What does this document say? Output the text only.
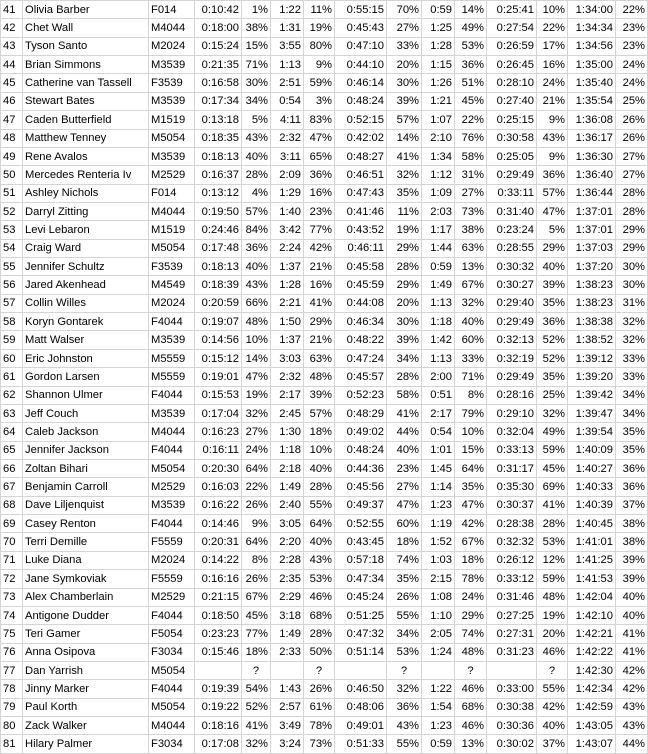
41	Olivia Barber	F014	0:10:42	1%	1:22	11%	0:55:15	70%	0:59	14%	0:25:41	10%	1:34:00	22%
42	Chet Wall	M4044	0:18:00	38%	1:31	19%	0:45:43	27%	1:25	49%	0:27:54	22%	1:34:34	23%
43	Tyson Santo	M2024	0:15:24	15%	3:55	80%	0:47:10	33%	1:28	53%	0:26:59	17%	1:34:56	23%
44	Brian Simmons	M3539	0:21:35	71%	1:13	9%	0:44:10	20%	1:15	36%	0:26:45	16%	1:35:00	24%
45	Catherine van Tassell	F3539	0:16:58	30%	2:51	59%	0:46:14	30%	1:26	51%	0:28:10	24%	1:35:40	24%
46	Stewart Bates	M3539	0:17:34	34%	0:54	3%	0:48:24	39%	1:21	45%	0:27:40	21%	1:35:54	25%
47	Caden Butterfield	M1519	0:13:18	5%	4:11	83%	0:52:15	57%	1:07	22%	0:25:15	9%	1:36:08	26%
48	Matthew Tenney	M5054	0:18:35	43%	2:32	47%	0:42:02	14%	2:10	76%	0:30:58	43%	1:36:17	26%
49	Rene Avalos	M3539	0:18:13	40%	3:11	65%	0:48:27	41%	1:34	58%	0:25:05	9%	1:36:30	27%
50	Mercedes Renteria Iv	M2529	0:16:37	28%	2:09	36%	0:46:51	32%	1:12	31%	0:29:49	36%	1:36:40	27%
51	Ashley Nichols	F014	0:13:12	4%	1:29	16%	0:47:43	35%	1:09	27%	0:33:11	57%	1:36:44	28%
52	Darryl Zitting	M4044	0:19:50	57%	1:40	23%	0:41:46	11%	2:03	73%	0:31:40	47%	1:37:01	28%
53	Levi Lebaron	M1519	0:24:46	84%	3:42	77%	0:43:52	19%	1:17	38%	0:23:24	5%	1:37:01	29%
54	Craig Ward	M5054	0:17:48	36%	2:24	42%	0:46:11	29%	1:44	63%	0:28:55	29%	1:37:03	29%
55	Jennifer Schultz	F3539	0:18:13	40%	1:37	21%	0:45:58	28%	0:59	13%	0:30:32	40%	1:37:20	30%
56	Jared Akenhead	M4549	0:18:39	43%	1:28	16%	0:45:59	29%	1:49	67%	0:30:27	39%	1:38:23	30%
57	Collin Willes	M2024	0:20:59	66%	2:21	41%	0:44:08	20%	1:13	32%	0:29:40	35%	1:38:23	31%
58	Koryn Gontarek	F4044	0:19:07	48%	1:50	29%	0:46:34	30%	1:18	40%	0:29:49	36%	1:38:38	32%
59	Matt Walser	M3539	0:14:56	10%	1:37	21%	0:48:22	39%	1:42	60%	0:32:13	52%	1:38:52	32%
60	Eric Johnston	M5559	0:15:12	14%	3:03	63%	0:47:24	34%	1:13	33%	0:32:19	52%	1:39:12	33%
61	Gordon Larsen	M5559	0:19:01	47%	2:32	48%	0:45:57	28%	2:00	71%	0:29:49	35%	1:39:20	33%
62	Shannon Ulmer	F4044	0:15:53	19%	2:17	39%	0:52:23	58%	0:51	8%	0:28:16	25%	1:39:42	34%
63	Jeff Couch	M3539	0:17:04	32%	2:45	57%	0:48:29	41%	2:17	79%	0:29:10	32%	1:39:47	34%
64	Caleb Jackson	M4044	0:16:23	27%	1:30	18%	0:49:02	44%	0:54	10%	0:32:04	49%	1:39:54	35%
65	Jennifer Jackson	F4044	0:16:11	24%	1:18	10%	0:48:24	40%	1:01	15%	0:33:13	59%	1:40:09	35%
66	Zoltan Bihari	M5054	0:20:30	64%	2:18	40%	0:44:36	23%	1:45	64%	0:31:17	45%	1:40:27	36%
67	Benjamin Carroll	M2529	0:16:03	22%	1:49	28%	0:45:56	27%	1:14	35%	0:35:30	69%	1:40:33	36%
68	Dave Liljenquist	M3539	0:16:22	26%	2:40	55%	0:49:37	47%	1:23	47%	0:30:37	41%	1:40:39	37%
69	Casey Renton	F4044	0:14:46	9%	3:05	64%	0:52:55	60%	1:19	42%	0:28:38	28%	1:40:45	38%
70	Terri Demille	F5559	0:20:31	64%	2:20	40%	0:43:45	18%	1:52	67%	0:32:32	53%	1:41:01	38%
71	Luke Diana	M2024	0:14:22	8%	2:28	43%	0:57:18	74%	1:03	18%	0:26:12	12%	1:41:25	39%
72	Jane Symkoviak	F5559	0:16:16	26%	2:35	53%	0:47:34	35%	2:15	78%	0:33:12	59%	1:41:53	39%
73	Alex Chamberlain	M2529	0:21:15	67%	2:29	46%	0:45:24	26%	1:08	24%	0:31:46	48%	1:42:04	40%
74	Antigone Dudder	F4044	0:18:50	45%	3:18	68%	0:51:25	55%	1:10	29%	0:27:25	19%	1:42:10	40%
75	Teri Gamer	F5054	0:23:23	77%	1:49	28%	0:47:32	34%	2:05	74%	0:27:31	20%	1:42:21	41%
76	Anna Osipova	F3034	0:15:46	18%	2:33	50%	0:51:14	53%	1:24	48%	0:31:23	46%	1:42:22	41%
77	Dan Yarrish	M5054		?		?		?		?		?	1:42:30	42%
78	Jinny Marker	F4044	0:19:39	54%	1:43	26%	0:46:50	32%	1:22	46%	0:33:00	55%	1:42:34	42%
79	Paul Korth	M5054	0:19:22	52%	2:57	61%	0:48:06	36%	1:54	68%	0:30:38	42%	1:42:59	43%
80	Zack Walker	M4044	0:18:16	41%	3:49	78%	0:49:01	43%	1:23	46%	0:30:36	40%	1:43:05	43%
81	Hilary Palmer	F3034	0:17:08	32%	3:24	73%	0:51:33	55%	0:59	13%	0:30:02	37%	1:43:07	44%
